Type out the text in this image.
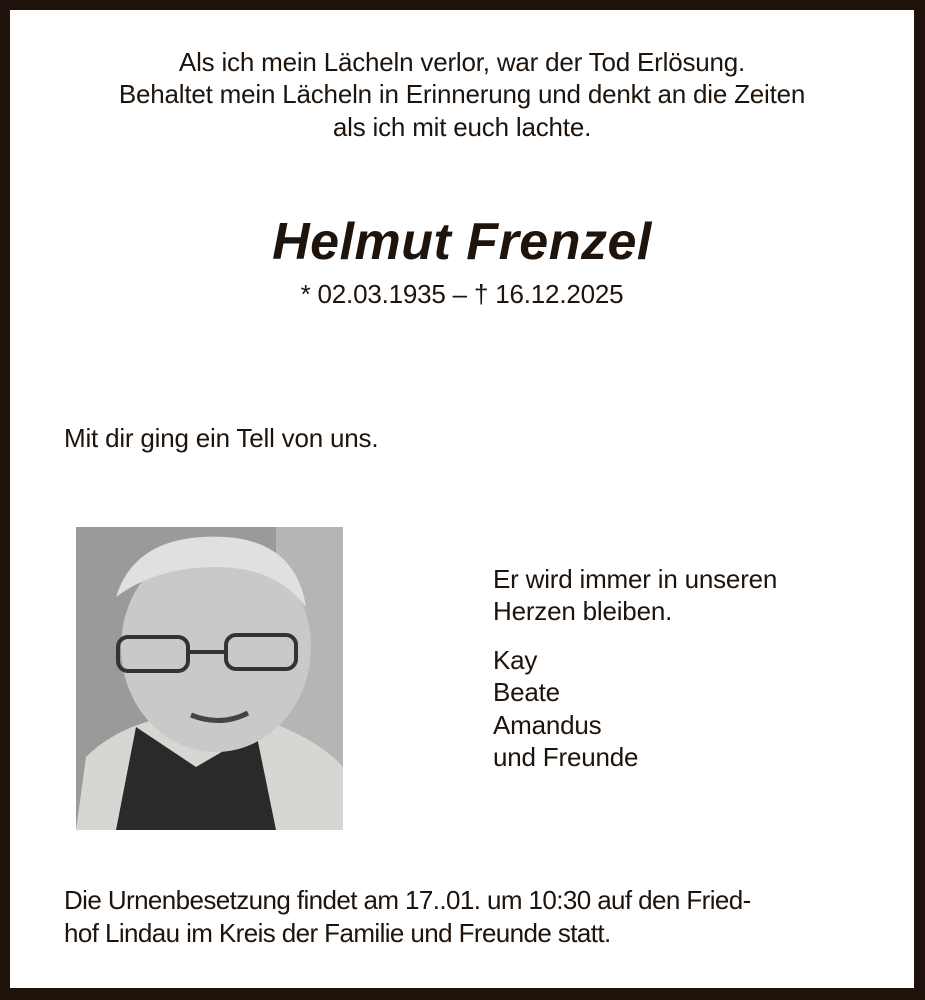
Als ich mein Lächeln verlor, war der Tod Erlösung.
Behaltet mein Lächeln in Erinnerung und denkt an die Zeiten
als ich mit euch lachte.
Helmut Frenzel
* 02.03.1935 – † 16.12.2025
Mit dir ging ein Tell von uns.
Er wird immer in unseren
Herzen bleiben.
Kay
Beate
Amandus
und Freunde
Die Urnenbesetzung findet am 17..01. um 10:30 auf den Fried-
hof Lindau im Kreis der Familie und Freunde statt.
